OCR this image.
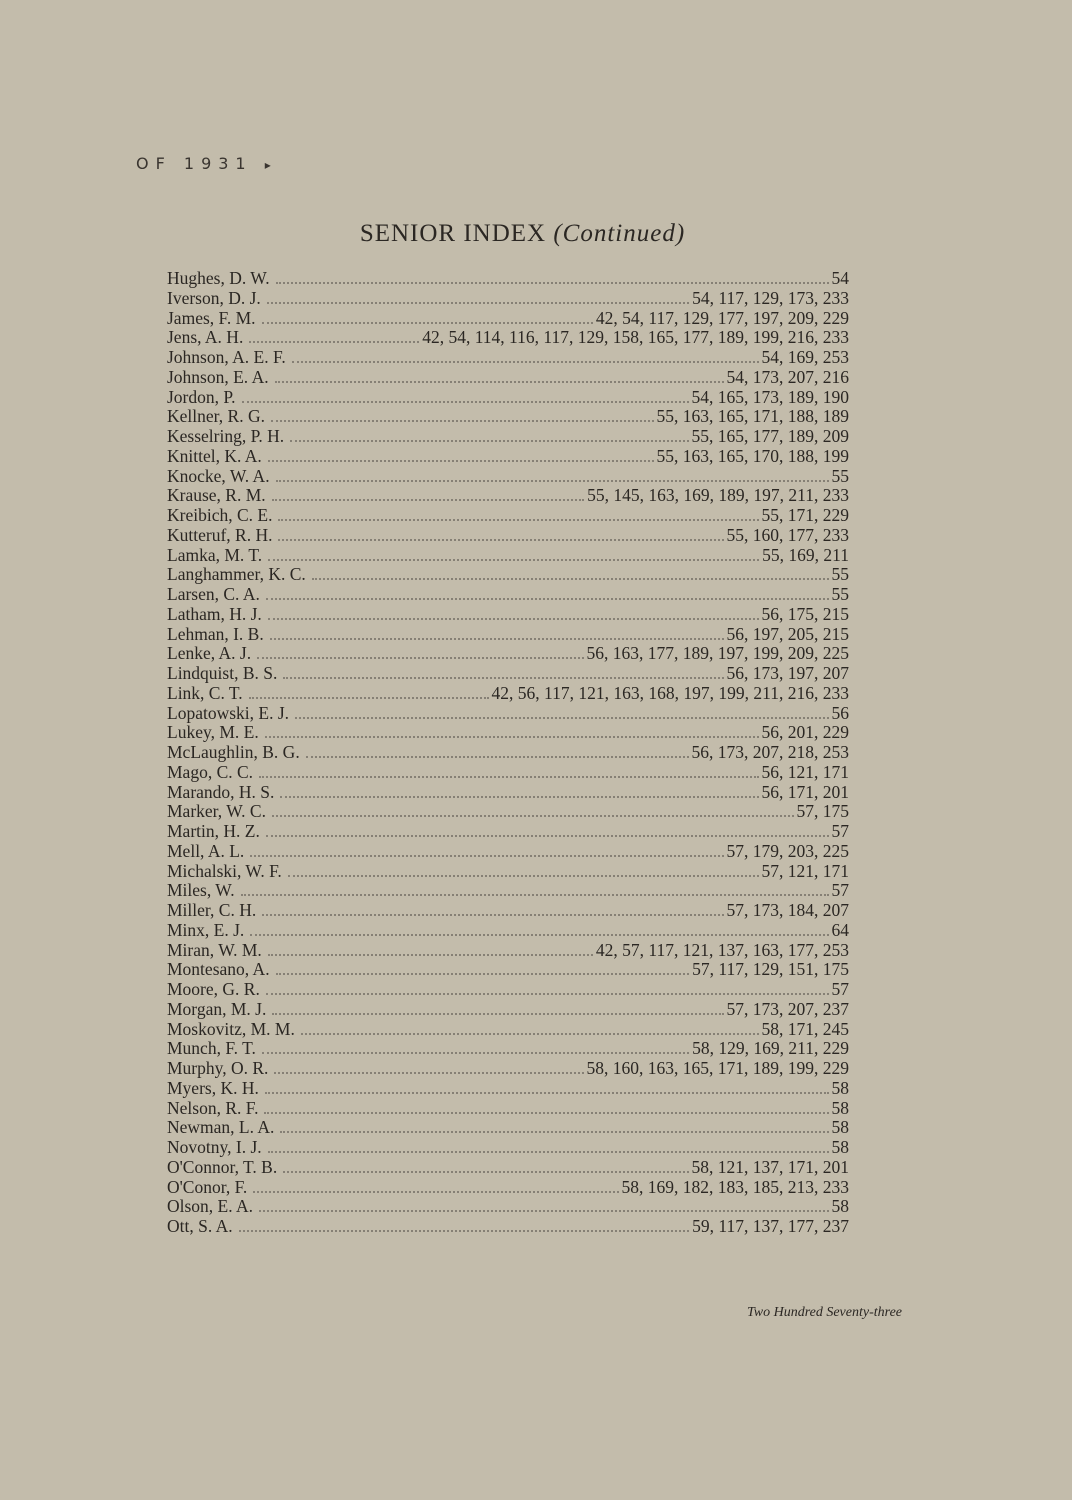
OF 1931 ▸
SENIOR INDEX (Continued)
Hughes, D. W.	54
Iverson, D. J.	54, 117, 129, 173, 233
James, F. M.	42, 54, 117, 129, 177, 197, 209, 229
Jens, A. H.	42, 54, 114, 116, 117, 129, 158, 165, 177, 189, 199, 216, 233
Johnson, A. E. F.	54, 169, 253
Johnson, E. A.	54, 173, 207, 216
Jordon, P.	54, 165, 173, 189, 190
Kellner, R. G.	55, 163, 165, 171, 188, 189
Kesselring, P. H.	55, 165, 177, 189, 209
Knittel, K. A.	55, 163, 165, 170, 188, 199
Knocke, W. A.	55
Krause, R. M.	55, 145, 163, 169, 189, 197, 211, 233
Kreibich, C. E.	55, 171, 229
Kutteruf, R. H.	55, 160, 177, 233
Lamka, M. T.	55, 169, 211
Langhammer, K. C.	55
Larsen, C. A.	55
Latham, H. J.	56, 175, 215
Lehman, I. B.	56, 197, 205, 215
Lenke, A. J.	56, 163, 177, 189, 197, 199, 209, 225
Lindquist, B. S.	56, 173, 197, 207
Link, C. T.	42, 56, 117, 121, 163, 168, 197, 199, 211, 216, 233
Lopatowski, E. J.	56
Lukey, M. E.	56, 201, 229
McLaughlin, B. G.	56, 173, 207, 218, 253
Mago, C. C.	56, 121, 171
Marando, H. S.	56, 171, 201
Marker, W. C.	57, 175
Martin, H. Z.	57
Mell, A. L.	57, 179, 203, 225
Michalski, W. F.	57, 121, 171
Miles, W.	57
Miller, C. H.	57, 173, 184, 207
Minx, E. J.	64
Miran, W. M.	42, 57, 117, 121, 137, 163, 177, 253
Montesano, A.	57, 117, 129, 151, 175
Moore, G. R.	57
Morgan, M. J.	57, 173, 207, 237
Moskovitz, M. M.	58, 171, 245
Munch, F. T.	58, 129, 169, 211, 229
Murphy, O. R.	58, 160, 163, 165, 171, 189, 199, 229
Myers, K. H.	58
Nelson, R. F.	58
Newman, L. A.	58
Novotny, I. J.	58
O'Connor, T. B.	58, 121, 137, 171, 201
O'Conor, F.	58, 169, 182, 183, 185, 213, 233
Olson, E. A.	58
Ott, S. A.	59, 117, 137, 177, 237
Two Hundred Seventy-three
